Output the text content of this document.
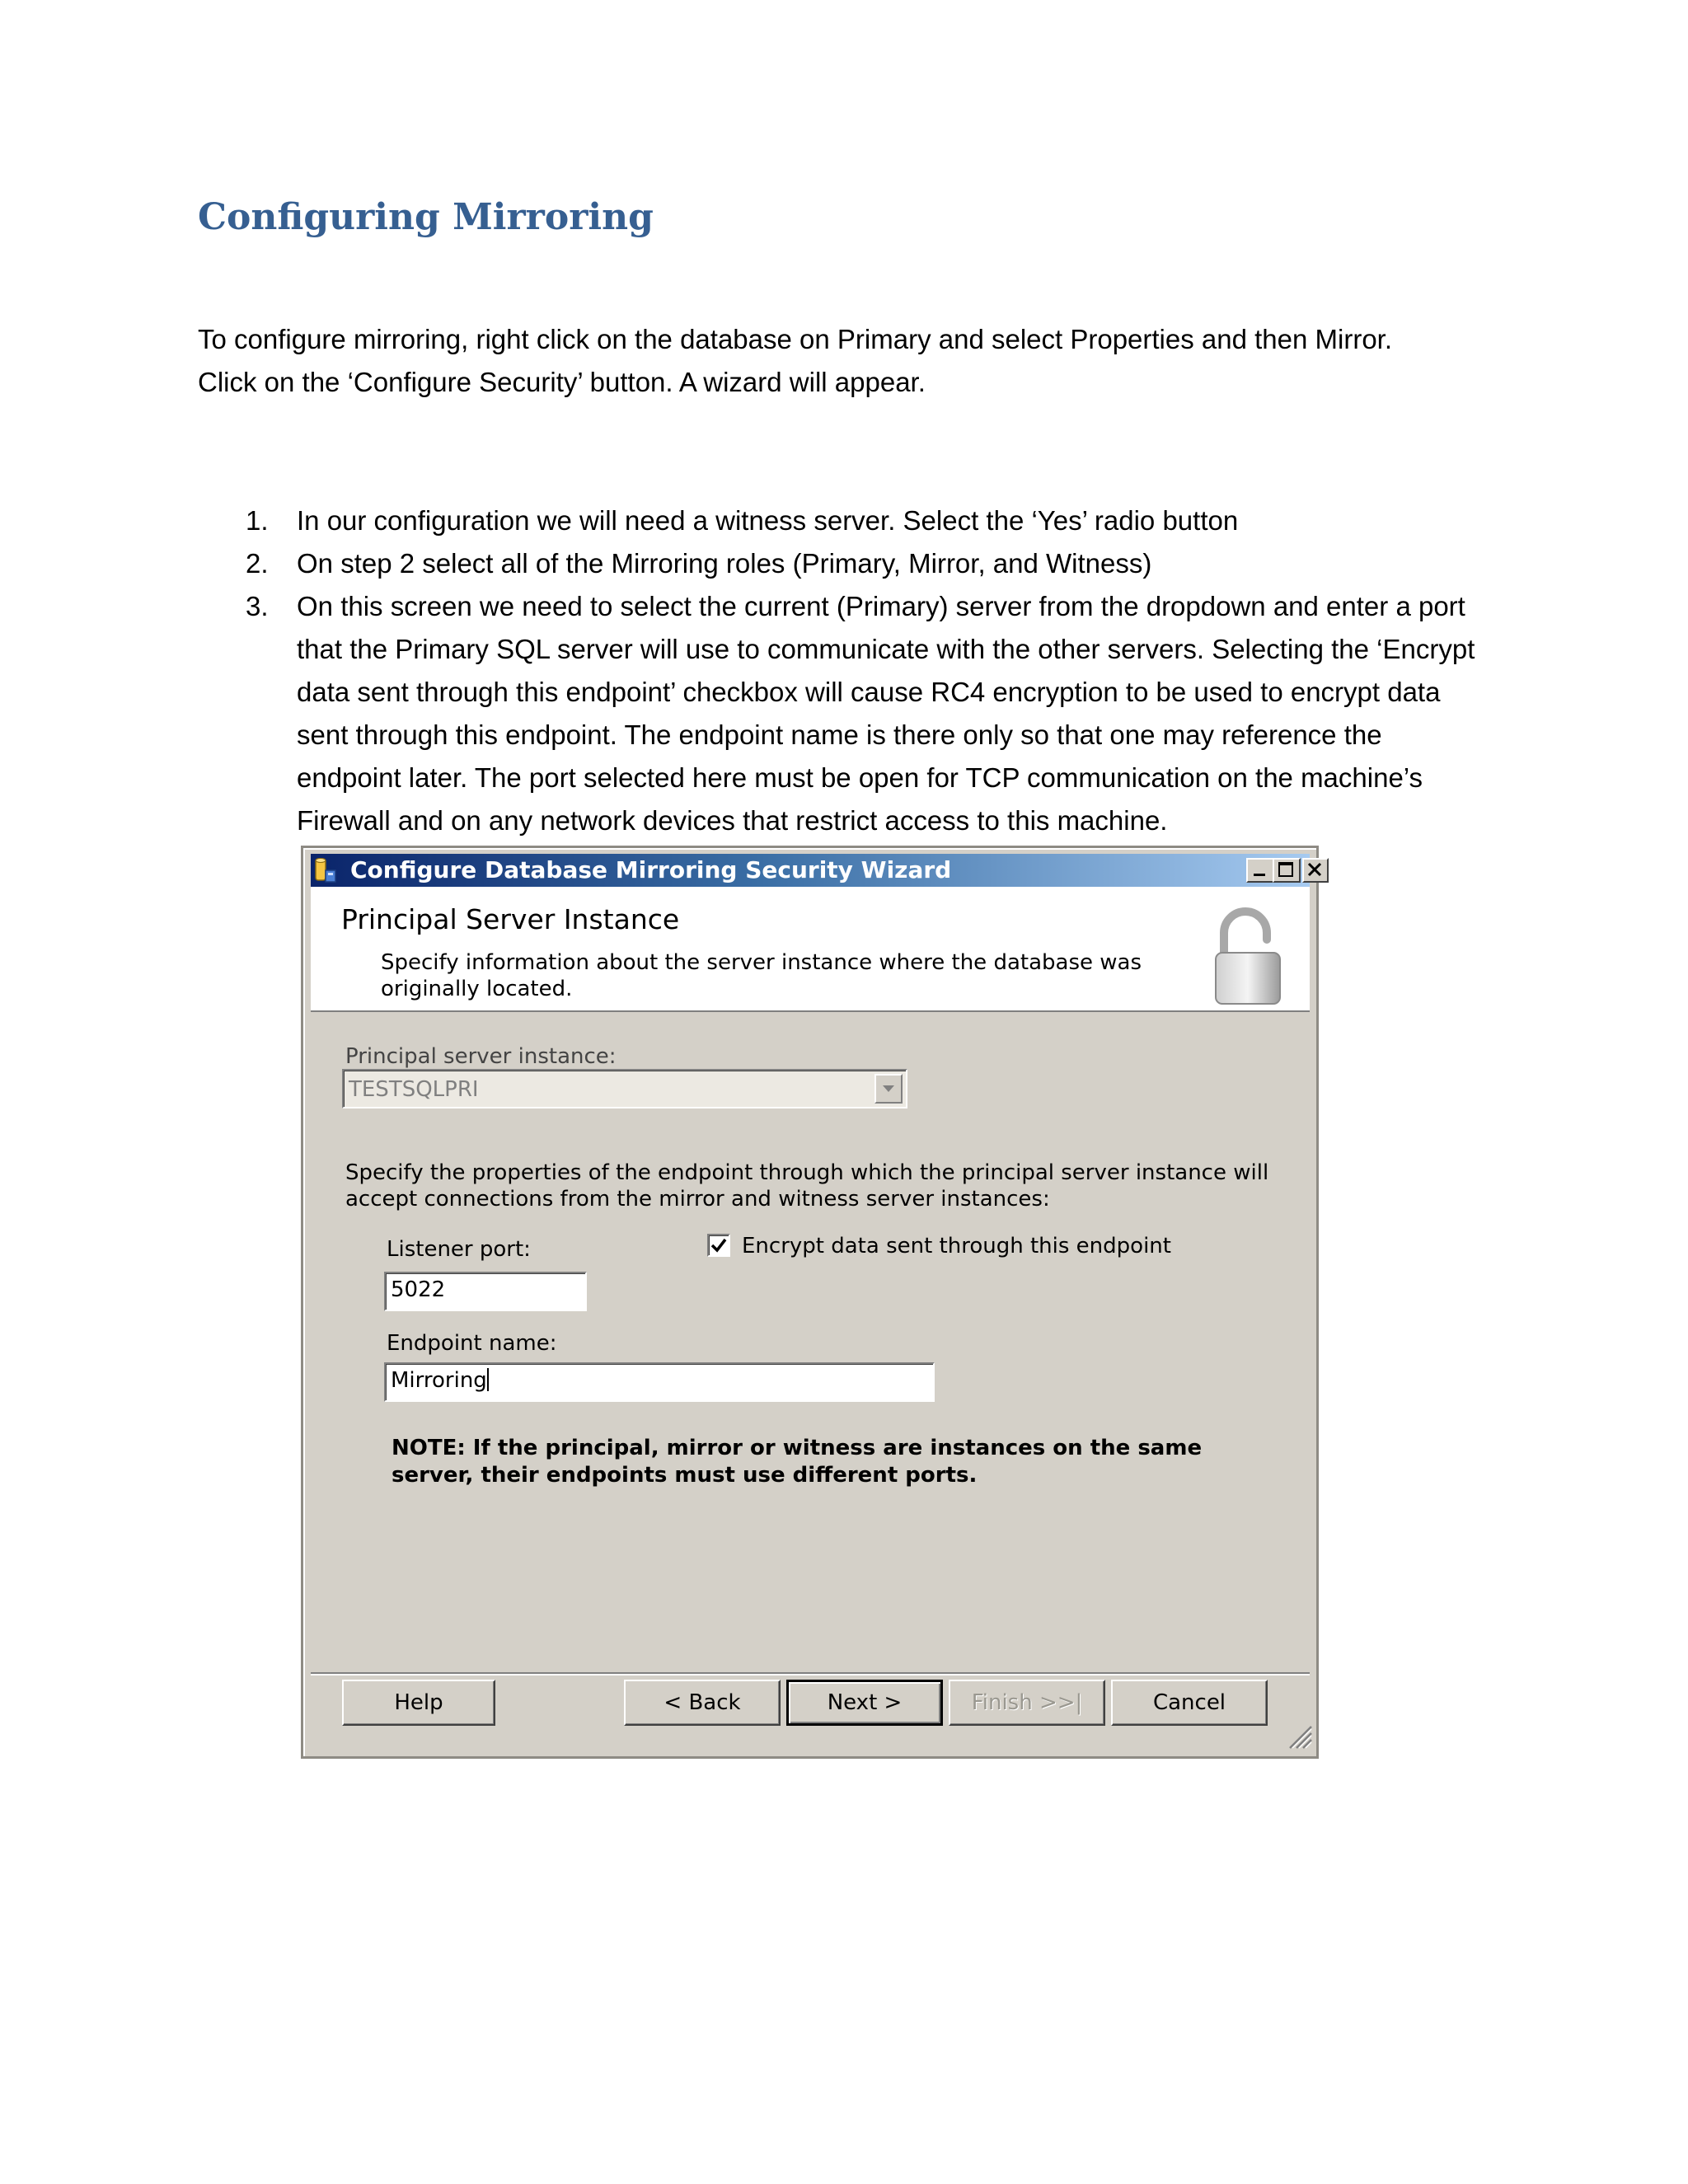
Configuring Mirroring

To configure mirroring, right click on the database on Primary and select Properties and then Mirror.

Click on the ‘Configure Security’ button. A wizard will appear.

1. In our configuration we will need a witness server. Select the ‘Yes’ radio button
2. On step 2 select all of the Mirroring roles (Primary, Mirror, and Witness)
3. On this screen we need to select the current (Primary) server from the dropdown and enter a port that the Primary SQL server will use to communicate with the other servers. Selecting the ‘Encrypt data sent through this endpoint’ checkbox will cause RC4 encryption to be used to encrypt data sent through this endpoint. The endpoint name is there only so that one may reference the endpoint later. The port selected here must be open for TCP communication on the machine’s Firewall and on any network devices that restrict access to this machine.
Configure Database Mirroring Security Wizard
Principal Server Instance
Specify information about the server instance where the database was originally located.
Principal server instance:
TESTSQLPRI
Specify the properties of the endpoint through which the principal server instance will accept connections from the mirror and witness server instances:
Listener port:
5022
Encrypt data sent through this endpoint
Endpoint name:
Mirroring
NOTE: If the principal, mirror or witness are instances on the same server, their endpoints must use different ports.
Help	< Back	Next >	Finish >>|	Cancel
